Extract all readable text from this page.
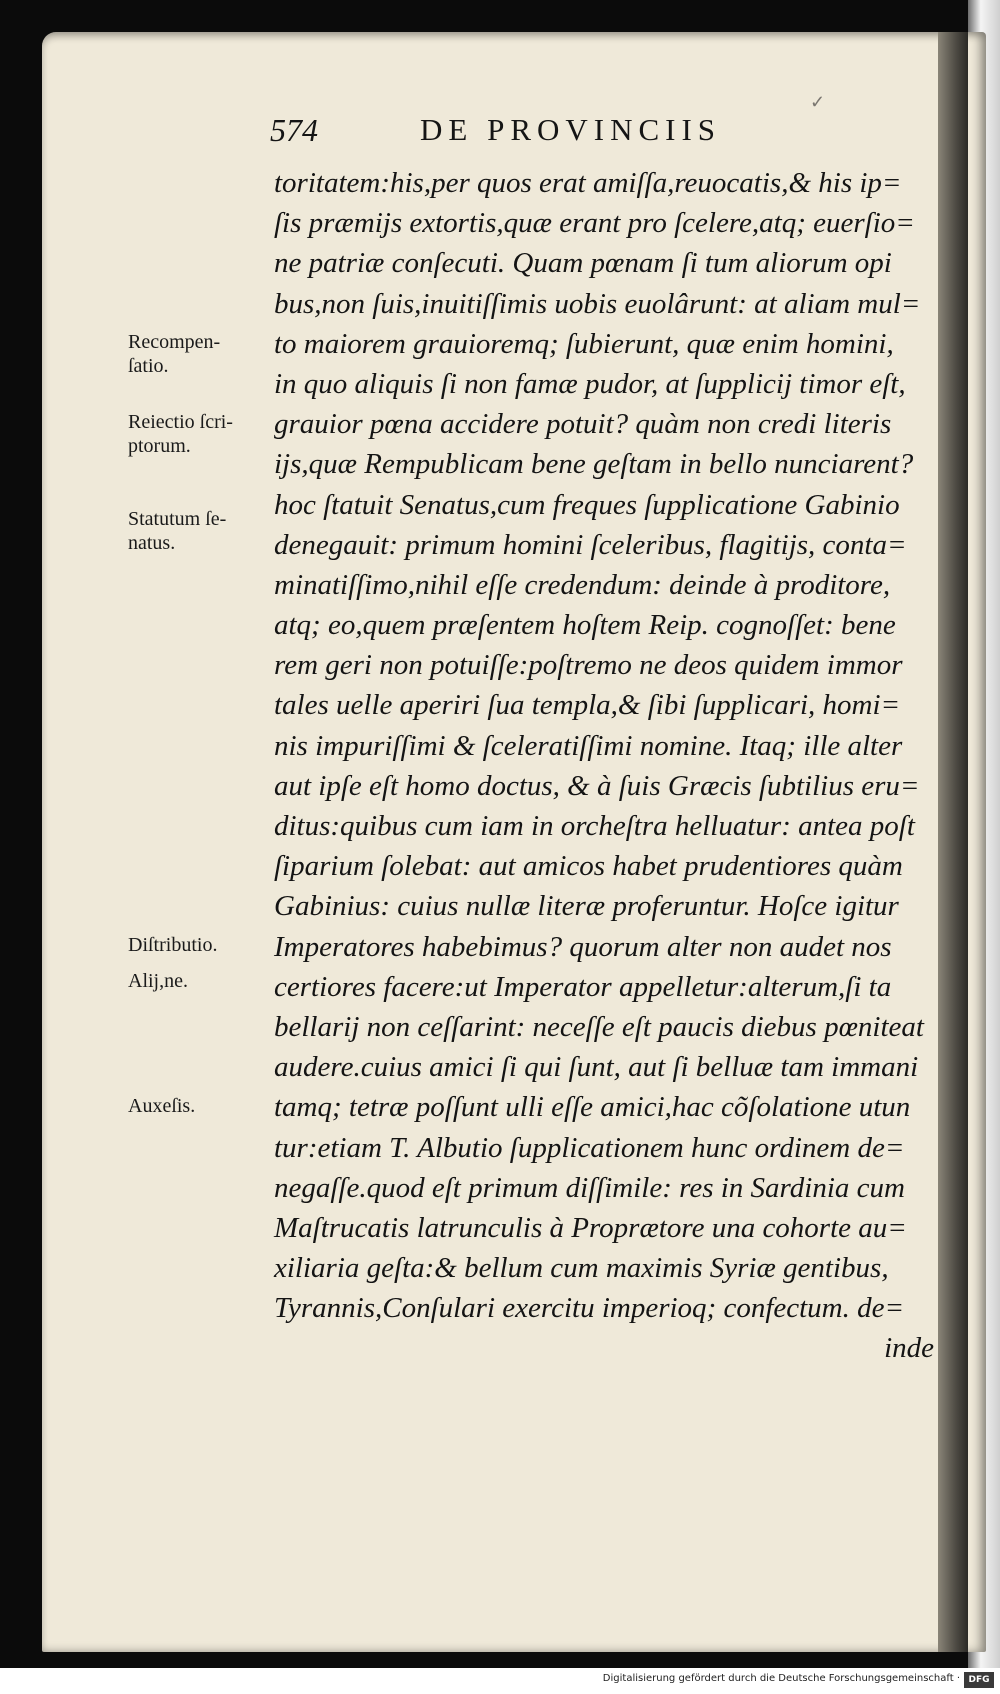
✓
574	DE PROVINCIIS
toritatem:his,per quos erat amiſſa,reuocatis,& his ip=
ſis præmijs extortis,quæ erant pro ſcelere,atq; euerſio=
ne patriæ conſecuti. Quam pœnam ſi tum aliorum opi
bus,non ſuis,inuitiſſimis uobis euolârunt: at aliam mul=
to maiorem grauioremq; ſubierunt, quæ enim homini,
in quo aliquis ſi non famæ pudor, at ſupplicij timor eſt,
grauior pœna accidere potuit? quàm non credi literis
ijs,quæ Rempublicam bene geſtam in bello nunciarent?
hoc ſtatuit Senatus,cum freques ſupplicatione Gabinio
denegauit: primum homini ſceleribus, flagitijs, conta=
minatiſſimo,nihil eſſe credendum: deinde à proditore,
atq; eo,quem præſentem hoſtem Reip. cognoſſet: bene
rem geri non potuiſſe:poſtremo ne deos quidem immor
tales uelle aperiri ſua templa,& ſibi ſupplicari, homi=
nis impuriſſimi & ſceleratiſſimi nomine. Itaq; ille alter
aut ipſe eſt homo doctus, & à ſuis Græcis ſubtilius eru=
ditus:quibus cum iam in orcheſtra helluatur: antea poſt
ſiparium ſolebat: aut amicos habet prudentiores quàm
Gabinius: cuius nullæ literæ proferuntur. Hoſce igitur
Imperatores habebimus? quorum alter non audet nos
certiores facere:ut Imperator appelletur:alterum,ſi ta
bellarij non ceſſarint: neceſſe eſt paucis diebus pœniteat
audere.cuius amici ſi qui ſunt, aut ſi belluæ tam immani
tamq; tetræ poſſunt ulli eſſe amici,hac cõſolatione utun
tur:etiam T. Albutio ſupplicationem hunc ordinem de=
negaſſe.quod eſt primum diſſimile: res in Sardinia cum
Maſtrucatis latrunculis à Proprætore una cohorte au=
xiliaria geſta:& bellum cum maximis Syriæ gentibus,
Tyrannis,Conſulari exercitu imperioq; confectum. de=
inde
Recompen-
ſatio.
Reiectio ſcri-
ptorum.
Statutum ſe-
natus.
Diſtributio.
Alij,ne.
Auxeſis.
Digitalisierung gefördert durch die Deutsche Forschungsgemeinschaft · DFG
